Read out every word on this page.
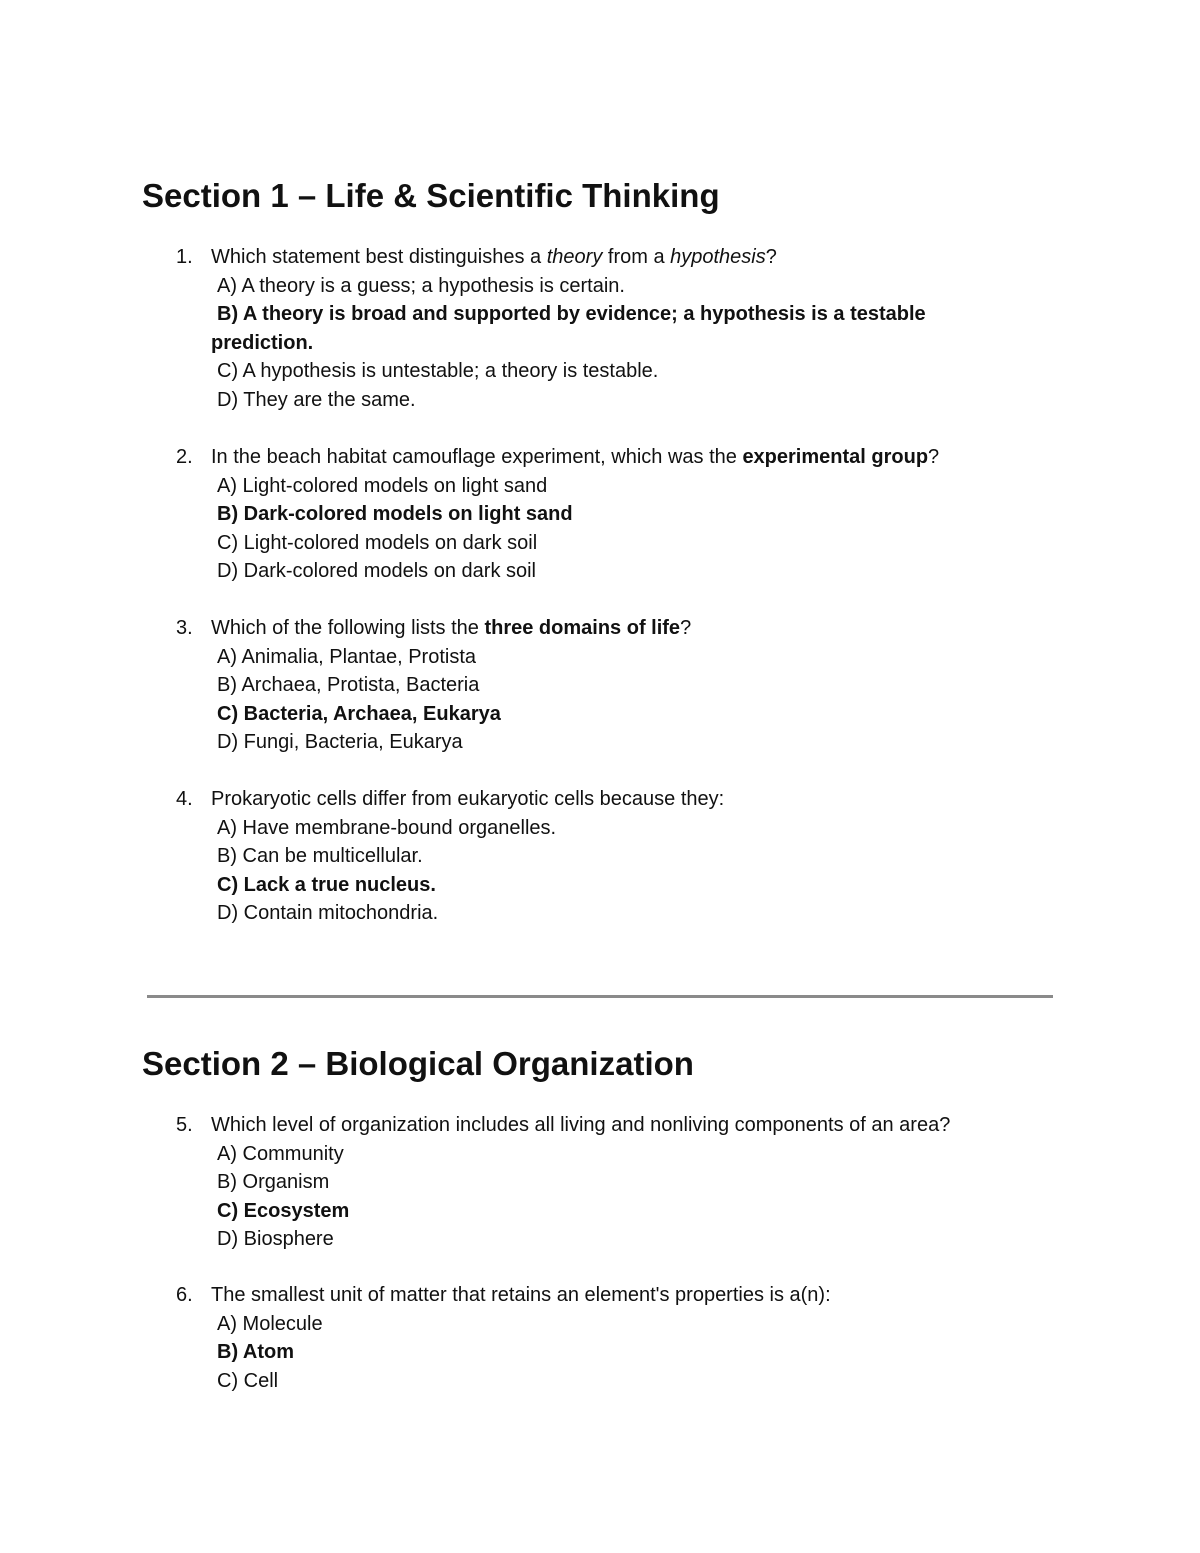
Section 1 – Life & Scientific Thinking
1. Which statement best distinguishes a theory from a hypothesis?
A) A theory is a guess; a hypothesis is certain.
B) A theory is broad and supported by evidence; a hypothesis is a testable prediction.
C) A hypothesis is untestable; a theory is testable.
D) They are the same.
2. In the beach habitat camouflage experiment, which was the experimental group?
A) Light-colored models on light sand
B) Dark-colored models on light sand
C) Light-colored models on dark soil
D) Dark-colored models on dark soil
3. Which of the following lists the three domains of life?
A) Animalia, Plantae, Protista
B) Archaea, Protista, Bacteria
C) Bacteria, Archaea, Eukarya
D) Fungi, Bacteria, Eukarya
4. Prokaryotic cells differ from eukaryotic cells because they:
A) Have membrane-bound organelles.
B) Can be multicellular.
C) Lack a true nucleus.
D) Contain mitochondria.
Section 2 – Biological Organization
5. Which level of organization includes all living and nonliving components of an area?
A) Community
B) Organism
C) Ecosystem
D) Biosphere
6. The smallest unit of matter that retains an element's properties is a(n):
A) Molecule
B) Atom
C) Cell
